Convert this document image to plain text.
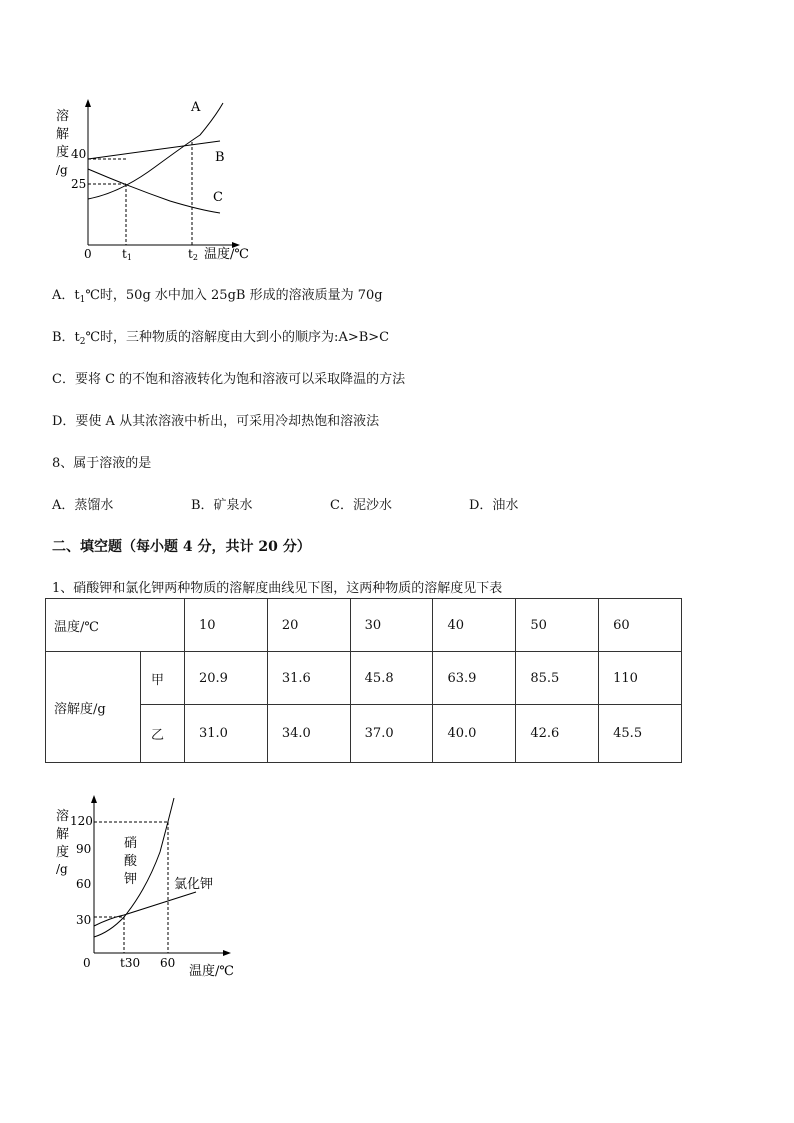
溶
解
度
/g
40
25
A
B
C
0	t1	t2 温度/℃
A．$t_1℃$时，50g 水中加入 25gB 形成的溶液质量为 70g
B．$t_2℃$时，三种物质的溶解度由大到小的顺序为:A>B>C
C．要将 C 的不饱和溶液转化为饱和溶液可以采取降温的方法
D．要使 A 从其浓溶液中析出，可采用冷却热饱和溶液法
8、属于溶液的是
A．蒸馏水	B．矿泉水	C．泥沙水	D．油水
二、填空题（每小题 4 分，共计 20 分）
1、硝酸钾和氯化钾两种物质的溶解度曲线见下图，这两种物质的溶解度见下表
温度/℃		10	20	30	40	50	60
溶解度/g	甲	20.9	31.6	45.8	63.9	85.5	110
	乙	31.0	34.0	37.0	40.0	42.6	45.5
溶
解
度
/g
120
90
60
30
硝
酸
钾	氯化钾
0 t30 60
温度/℃
